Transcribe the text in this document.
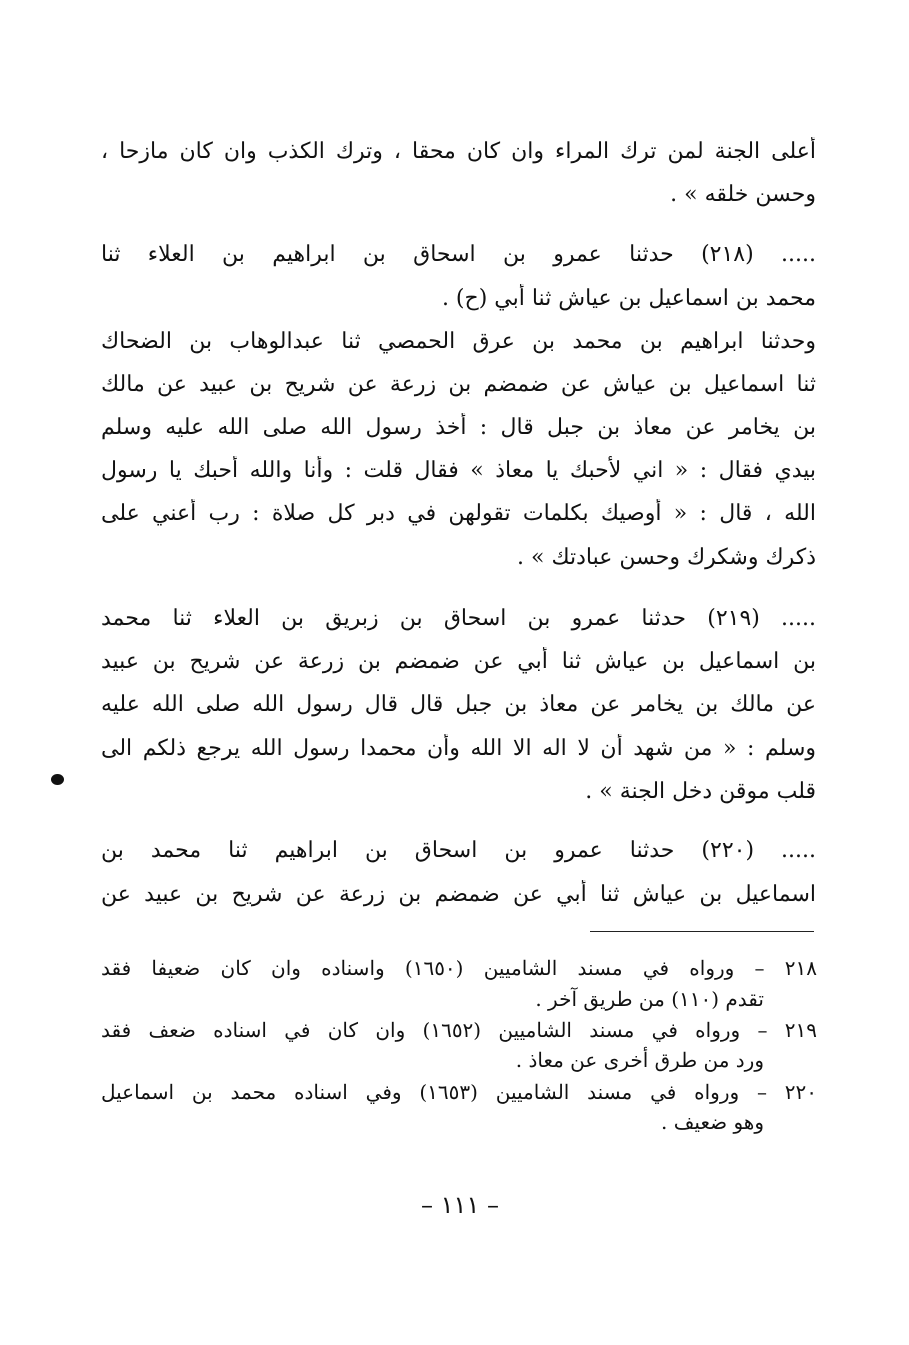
أعلى الجنة لمن ترك المراء وان كان محقا ، وترك الكذب وان كان مازحا ،
وحسن خلقه » .
..... (٢١٨) حدثنا عمرو بن اسحاق بن ابراهيم بن العلاء ثنا
محمد بن اسماعيل بن عياش ثنا أبي (ح) .
وحدثنا ابراهيم بن محمد بن عرق الحمصي ثنا عبدالوهاب بن الضحاك
ثنا اسماعيل بن عياش عن ضمضم بن زرعة عن شريح بن عبيد عن مالك
بن يخامر عن معاذ بن جبل قال : أخذ رسول الله صلى الله عليه وسلم
بيدي فقال : « اني لأحبك يا معاذ » فقال قلت : وأنا والله أحبك يا رسول
الله ، قال : « أوصيك بكلمات تقولهن في دبر كل صلاة : رب أعني على
ذكرك وشكرك وحسن عبادتك » .
..... (٢١٩) حدثنا عمرو بن اسحاق بن زبريق بن العلاء ثنا محمد
بن اسماعيل بن عياش ثنا أبي عن ضمضم بن زرعة عن شريح بن عبيد
عن مالك بن يخامر عن معاذ بن جبل قال قال رسول الله صلى الله عليه
وسلم : « من شهد أن لا اله الا الله وأن محمدا رسول الله يرجع ذلكم الى
قلب موقن دخل الجنة » .
..... (٢٢٠) حدثنا عمرو بن اسحاق بن ابراهيم ثنا محمد بن
اسماعيل بن عياش ثنا أبي عن ضمضم بن زرعة عن شريح بن عبيد عن
٢١٨ – ورواه في مسند الشاميين (١٦٥٠) واسناده وان كان ضعيفا فقد
تقدم (١١٠) من طريق آخر .
٢١٩ – ورواه في مسند الشاميين (١٦٥٢) وان كان في اسناده ضعف فقد
ورد من طرق أخرى عن معاذ .
٢٢٠ – ورواه في مسند الشاميين (١٦٥٣) وفي اسناده محمد بن اسماعيل
وهو ضعيف .
– ١١١ –
